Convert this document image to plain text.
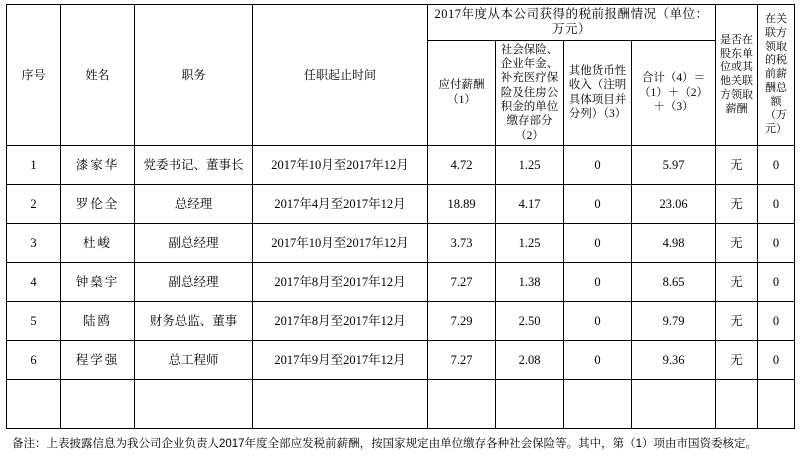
序号	姓名	职务	任职起止时间	2017年度从本公司获得的税前报酬情况（单位：万元）				是否在股东单位或其他关联方领取薪酬	在关联方领取的税前薪酬总额（万元）
				应付薪酬（1）	社会保险、企业年金、补充医疗保险及住房公积金的单位缴存部分（2）	其他货币性收入（注明具体项目并分列）（3）	合计（4）＝（1）＋（2）＋（3）		
1	漆家华	党委书记、董事长	2017年10月至2017年12月	4.72	1.25	0	5.97	无	0
2	罗伦全	总经理	2017年4月至2017年12月	18.89	4.17	0	23.06	无	0
3	杜峻	副总经理	2017年10月至2017年12月	3.73	1.25	0	4.98	无	0
4	钟燊宇	副总经理	2017年8月至2017年12月	7.27	1.38	0	8.65	无	0
5	陆鸥	财务总监、董事	2017年8月至2017年12月	7.29	2.50	0	9.79	无	0
6	程学强	总工程师	2017年9月至2017年12月	7.27	2.08	0	9.36	无	0

备注：上表披露信息为我公司企业负责人2017年度全部应发税前薪酬，按国家规定由单位缴存各种社会保险等。其中，第（1）项由市国资委核定。
